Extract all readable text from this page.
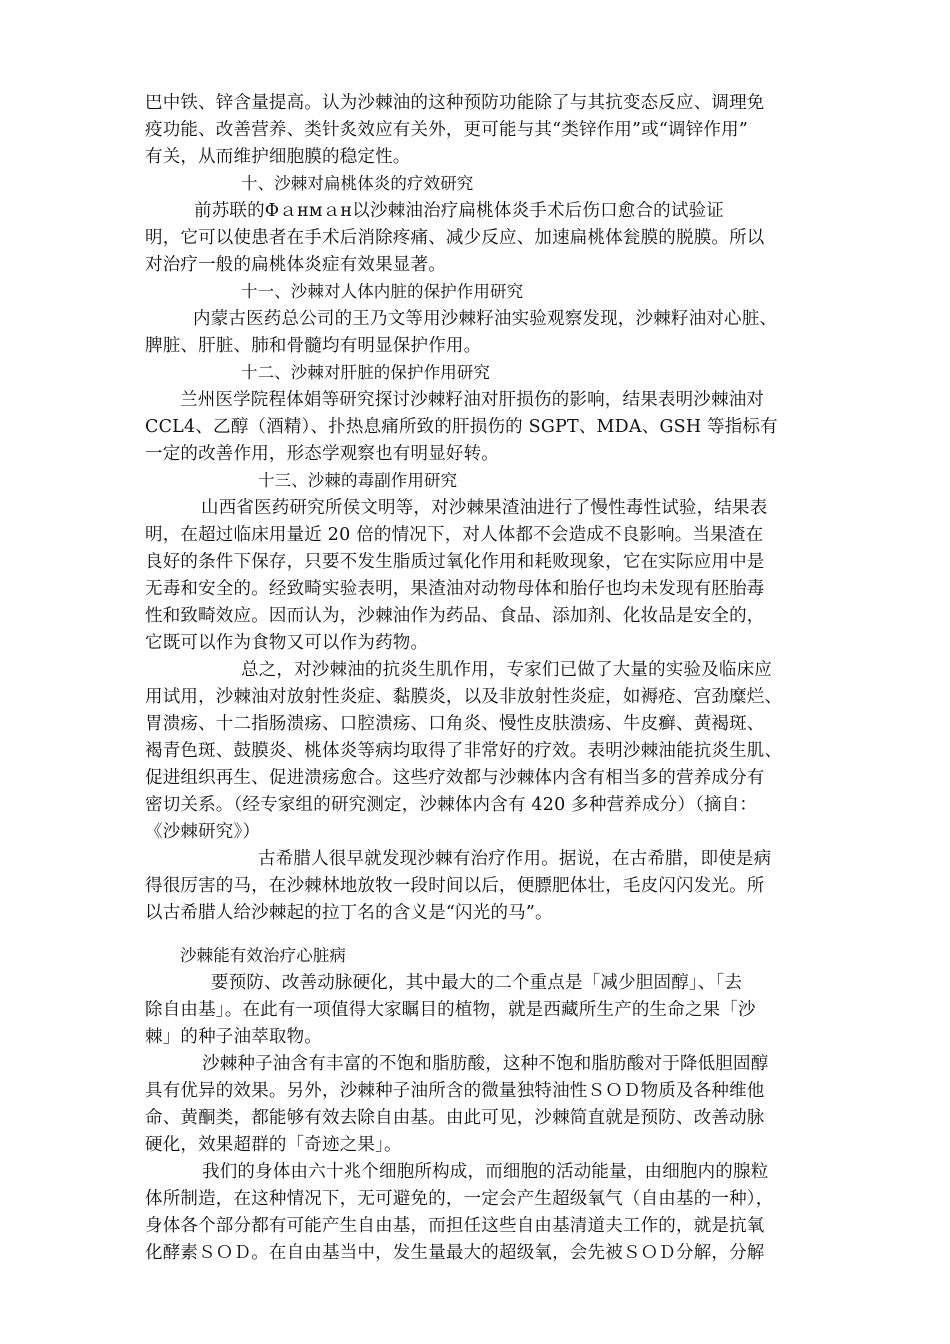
巴中铁、锌含量提高。认为沙棘油的这种预防功能除了与其抗变态反应、调理免
疫功能、改善营养、类针炙效应有关外，更可能与其“类锌作用”或“调锌作用”
有关，从而维护细胞膜的稳定性。
十、沙棘对扁桃体炎的疗效研究
前苏联的Φａнмａн以沙棘油治疗扁桃体炎手术后伤口愈合的试验证
明，它可以使患者在手术后消除疼痛、减少反应、加速扁桃体瓮膜的脱膜。所以
对治疗一般的扁桃体炎症有效果显著。
十一、沙棘对人体内脏的保护作用研究
内蒙古医药总公司的王乃文等用沙棘籽油实验观察发现，沙棘籽油对心脏、
脾脏、肝脏、肺和骨髓均有明显保护作用。
十二、沙棘对肝脏的保护作用研究
兰州医学院程体娟等研究探讨沙棘籽油对肝损伤的影响，结果表明沙棘油对
CCL4、乙醇（酒精）、扑热息痛所致的肝损伤的 SGPT、MDA、GSH 等指标有
一定的改善作用，形态学观察也有明显好转。
十三、沙棘的毒副作用研究
山西省医药研究所侯文明等，对沙棘果渣油进行了慢性毒性试验，结果表
明，在超过临床用量近 20 倍的情况下，对人体都不会造成不良影响。当果渣在
良好的条件下保存，只要不发生脂质过氧化作用和耗败现象，它在实际应用中是
无毒和安全的。经致畸实验表明，果渣油对动物母体和胎仔也均未发现有胚胎毒
性和致畸效应。因而认为，沙棘油作为药品、食品、添加剂、化妆品是安全的，
它既可以作为食物又可以作为药物。
总之，对沙棘油的抗炎生肌作用，专家们已做了大量的实验及临床应
用试用，沙棘油对放射性炎症、黏膜炎，以及非放射性炎症，如褥疮、宫劲糜烂、
胃溃疡、十二指肠溃疡、口腔溃疡、口角炎、慢性皮肤溃疡、牛皮癣、黄褐斑、
褐青色斑、鼓膜炎、桃体炎等病均取得了非常好的疗效。表明沙棘油能抗炎生肌、
促进组织再生、促进溃疡愈合。这些疗效都与沙棘体内含有相当多的营养成分有
密切关系。（经专家组的研究测定，沙棘体内含有 420 多种营养成分）（摘自：
《沙棘研究》）
古希腊人很早就发现沙棘有治疗作用。据说，在古希腊，即使是病
得很厉害的马，在沙棘林地放牧一段时间以后，便膘肥体壮，毛皮闪闪发光。所
以古希腊人给沙棘起的拉丁名的含义是“闪光的马”。
沙棘能有效治疗心脏病
要预防、改善动脉硬化，其中最大的二个重点是「减少胆固醇」、「去
除自由基」。在此有一项值得大家瞩目的植物，就是西藏所生产的生命之果「沙
棘」的种子油萃取物。
沙棘种子油含有丰富的不饱和脂肪酸，这种不饱和脂肪酸对于降低胆固醇
具有优异的效果。另外，沙棘种子油所含的微量独特油性ＳＯＤ物质及各种维他
命、黄酮类，都能够有效去除自由基。由此可见，沙棘简直就是预防、改善动脉
硬化，效果超群的「奇迹之果」。
我们的身体由六十兆个细胞所构成，而细胞的活动能量，由细胞内的腺粒
体所制造，在这种情况下，无可避免的，一定会产生超级氧气（自由基的一种），
身体各个部分都有可能产生自由基，而担任这些自由基清道夫工作的，就是抗氧
化酵素ＳＯＤ。在自由基当中，发生量最大的超级氧，会先被ＳＯＤ分解，分解
